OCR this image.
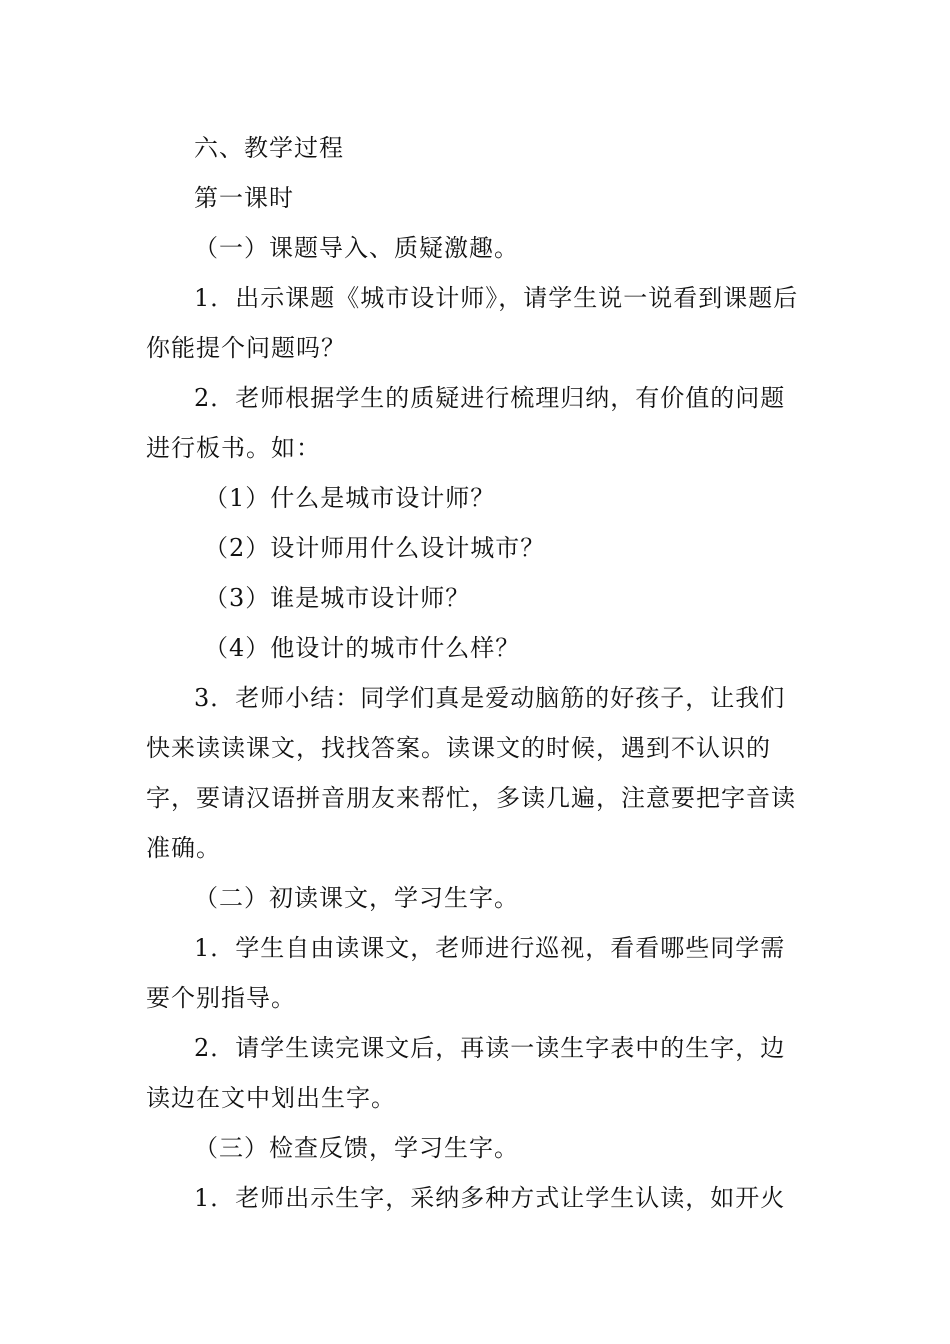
六、教学过程

第一课时

（一）课题导入、质疑激趣。

1．出示课题《城市设计师》，请学生说一说看到课题后你能提个问题吗？

2．老师根据学生的质疑进行梳理归纳，有价值的问题进行板书。如：

（1）什么是城市设计师？

（2）设计师用什么设计城市？

（3）谁是城市设计师？

（4）他设计的城市什么样？

3．老师小结：同学们真是爱动脑筋的好孩子，让我们快来读读课文，找找答案。读课文的时候，遇到不认识的字，要请汉语拼音朋友来帮忙，多读几遍，注意要把字音读准确。

（二）初读课文，学习生字。

1．学生自由读课文，老师进行巡视，看看哪些同学需要个别指导。

2．请学生读完课文后，再读一读生字表中的生字，边读边在文中划出生字。

（三）检查反馈，学习生字。

1．老师出示生字，采纳多种方式让学生认读，如开火
